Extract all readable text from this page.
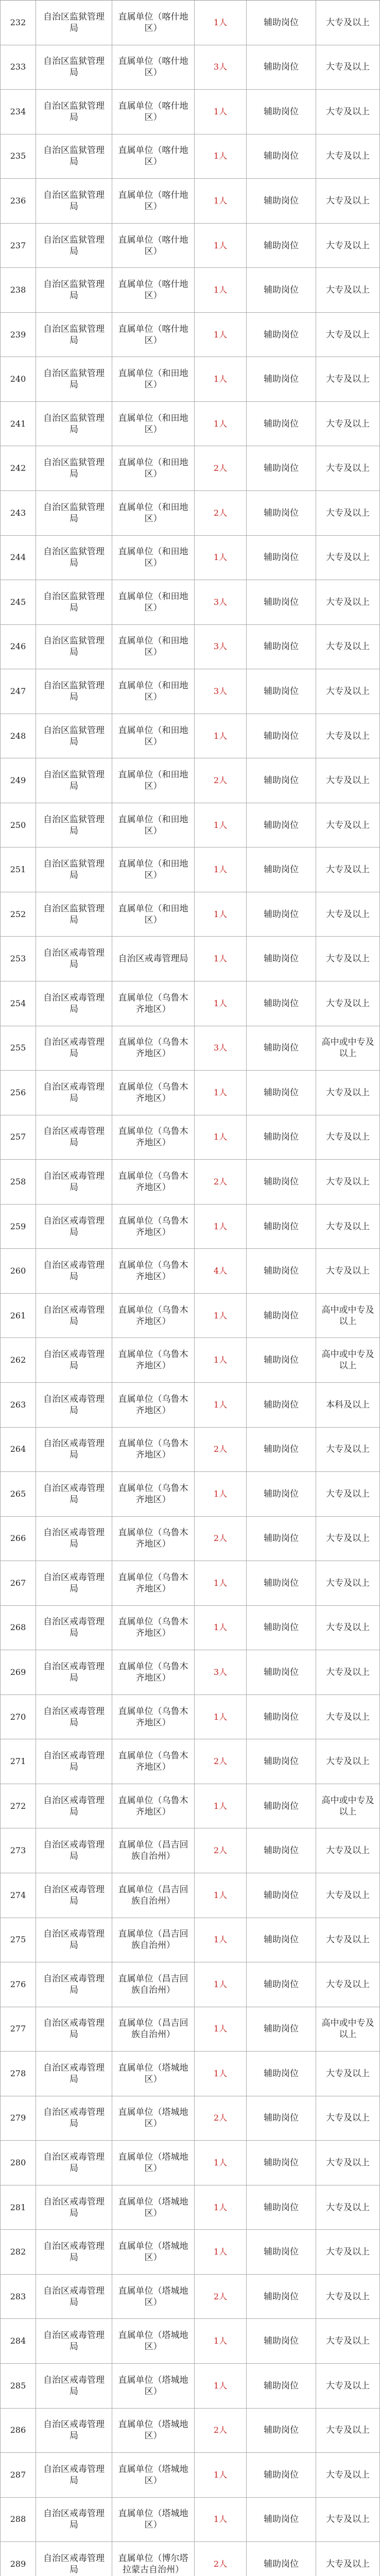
232
自治区监狱管理局
直属单位（喀什地区）
1人	辅助岗位	大专及以上
233
自治区监狱管理局
直属单位（喀什地区）
3人	辅助岗位	大专及以上
234
自治区监狱管理局
直属单位（喀什地区）
1人	辅助岗位	大专及以上
235
自治区监狱管理局
直属单位（喀什地区）
1人	辅助岗位	大专及以上
236
自治区监狱管理局
直属单位（喀什地区）
1人	辅助岗位	大专及以上
237
自治区监狱管理局
直属单位（喀什地区）
1人	辅助岗位	大专及以上
238
自治区监狱管理局
直属单位（喀什地区）
1人	辅助岗位	大专及以上
239
自治区监狱管理局
直属单位（喀什地区）
1人	辅助岗位	大专及以上
240
自治区监狱管理局
直属单位（和田地区）
1人	辅助岗位	大专及以上
241
自治区监狱管理局
直属单位（和田地区）
1人	辅助岗位	大专及以上
242
自治区监狱管理局
直属单位（和田地区）
2人	辅助岗位	大专及以上
243
自治区监狱管理局
直属单位（和田地区）
2人	辅助岗位	大专及以上
244
自治区监狱管理局
直属单位（和田地区）
1人	辅助岗位	大专及以上
245
自治区监狱管理局
直属单位（和田地区）
3人	辅助岗位	大专及以上
246
自治区监狱管理局
直属单位（和田地区）
3人	辅助岗位	大专及以上
247
自治区监狱管理局
直属单位（和田地区）
3人	辅助岗位	大专及以上
248
自治区监狱管理局
直属单位（和田地区）
1人	辅助岗位	大专及以上
249
自治区监狱管理局
直属单位（和田地区）
2人	辅助岗位	大专及以上
250
自治区监狱管理局
直属单位（和田地区）
1人	辅助岗位	大专及以上
251
自治区监狱管理局
直属单位（和田地区）
1人	辅助岗位	大专及以上
252
自治区监狱管理局
直属单位（和田地区）
1人	辅助岗位	大专及以上
253
自治区戒毒管理局
自治区戒毒管理局	1人	辅助岗位	大专及以上
254
自治区戒毒管理局
直属单位（乌鲁木齐地区）
1人	辅助岗位	大专及以上
255
自治区戒毒管理局
直属单位（乌鲁木齐地区）
3人	辅助岗位
高中或中专及以上
256
自治区戒毒管理局
直属单位（乌鲁木齐地区）
1人	辅助岗位	大专及以上
257
自治区戒毒管理局
直属单位（乌鲁木齐地区）
1人	辅助岗位	大专及以上
258
自治区戒毒管理局
直属单位（乌鲁木齐地区）
2人	辅助岗位	大专及以上
259
自治区戒毒管理局
直属单位（乌鲁木齐地区）
1人	辅助岗位	大专及以上
260
自治区戒毒管理局
直属单位（乌鲁木齐地区）
4人	辅助岗位	大专及以上
261
自治区戒毒管理局
直属单位（乌鲁木齐地区）
1人	辅助岗位
高中或中专及以上
262
自治区戒毒管理局
直属单位（乌鲁木齐地区）
1人	辅助岗位
高中或中专及以上
263
自治区戒毒管理局
直属单位（乌鲁木齐地区）
1人	辅助岗位	本科及以上
264
自治区戒毒管理局
直属单位（乌鲁木齐地区）
2人	辅助岗位	大专及以上
265
自治区戒毒管理局
直属单位（乌鲁木齐地区）
1人	辅助岗位	大专及以上
266
自治区戒毒管理局
直属单位（乌鲁木齐地区）
2人	辅助岗位	大专及以上
267
自治区戒毒管理局
直属单位（乌鲁木齐地区）
1人	辅助岗位	大专及以上
268
自治区戒毒管理局
直属单位（乌鲁木齐地区）
1人	辅助岗位	大专及以上
269
自治区戒毒管理局
直属单位（乌鲁木齐地区）
3人	辅助岗位	大专及以上
270
自治区戒毒管理局
直属单位（乌鲁木齐地区）
1人	辅助岗位	大专及以上
271
自治区戒毒管理局
直属单位（乌鲁木齐地区）
2人	辅助岗位	大专及以上
272
自治区戒毒管理局
直属单位（乌鲁木齐地区）
1人	辅助岗位
高中或中专及以上
273
自治区戒毒管理局
直属单位（昌吉回族自治州）
2人	辅助岗位	大专及以上
274
自治区戒毒管理局
直属单位（昌吉回族自治州）
1人	辅助岗位	大专及以上
275
自治区戒毒管理局
直属单位（昌吉回族自治州）
1人	辅助岗位	大专及以上
276
自治区戒毒管理局
直属单位（昌吉回族自治州）
1人	辅助岗位	大专及以上
277
自治区戒毒管理局
直属单位（昌吉回族自治州）
1人	辅助岗位
高中或中专及以上
278
自治区戒毒管理局
直属单位（塔城地区）
1人	辅助岗位	大专及以上
279
自治区戒毒管理局
直属单位（塔城地区）
2人	辅助岗位	大专及以上
280
自治区戒毒管理局
直属单位（塔城地区）
1人	辅助岗位	大专及以上
281
自治区戒毒管理局
直属单位（塔城地区）
1人	辅助岗位	大专及以上
282
自治区戒毒管理局
直属单位（塔城地区）
1人	辅助岗位	大专及以上
283
自治区戒毒管理局
直属单位（塔城地区）
2人	辅助岗位	大专及以上
284
自治区戒毒管理局
直属单位（塔城地区）
1人	辅助岗位	大专及以上
285
自治区戒毒管理局
直属单位（塔城地区）
1人	辅助岗位	大专及以上
286
自治区戒毒管理局
直属单位（塔城地区）
2人	辅助岗位	大专及以上
287
自治区戒毒管理局
直属单位（塔城地区）
1人	辅助岗位	大专及以上
288
自治区戒毒管理局
直属单位（塔城地区）
1人	辅助岗位	大专及以上
289
自治区戒毒管理局
直属单位（博尔塔拉蒙古自治州）
2人	辅助岗位	大专及以上
